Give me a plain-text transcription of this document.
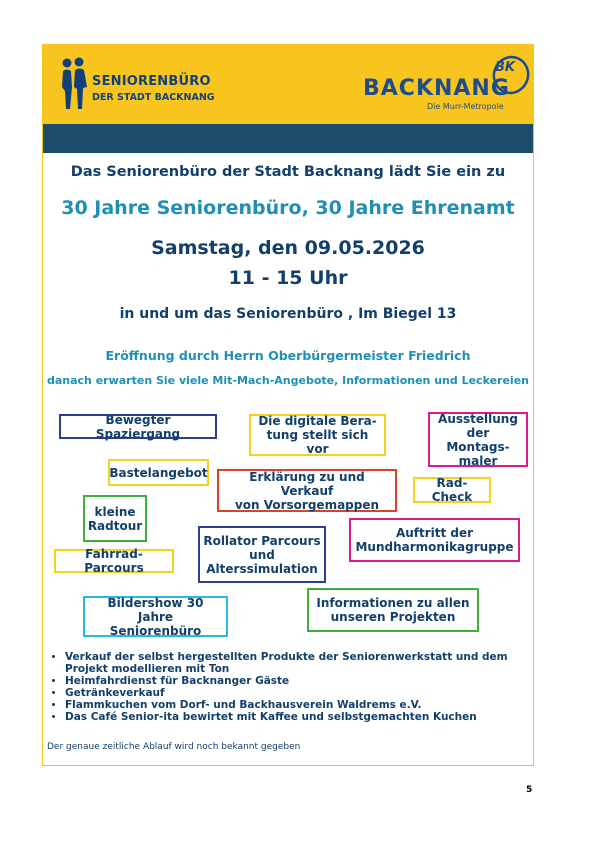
SENIORENBÜRO
DER STADT BACKNANG
BK
BACKNANG
Die Murr-Metropole
Das Seniorenbüro der Stadt Backnang lädt Sie ein zu
30 Jahre Seniorenbüro, 30 Jahre Ehrenamt
Samstag, den 09.05.2026
11 - 15 Uhr
in und um das Seniorenbüro , Im Biegel 13
Eröffnung durch Herrn Oberbürgermeister Friedrich
danach erwarten Sie viele Mit-Mach-Angebote, Informationen und Leckereien
Bewegter Spaziergang
Die digitale Bera-
tung stellt sich vor
Ausstellung
der Montags-
maler
Bastelangebot	Erklärung zu und Verkauf
von Vorsorgemappen
Rad-Check
kleine
Radtour
Rollator Parcours
und
Alterssimulation
Auftritt der
Mundharmonikagruppe
Fahrrad-Parcours
Bildershow 30 Jahre
Seniorenbüro
Informationen zu allen
unseren Projekten
• Verkauf der selbst hergestellten Produkte der Seniorenwerkstatt und dem Projekt modellieren mit Ton
• Heimfahrdienst für Backnanger Gäste
• Getränkeverkauf
• Flammkuchen vom Dorf- und Backhausverein Waldrems e.V.
• Das Café Senior-ita bewirtet mit Kaffee und selbstgemachten Kuchen
Der genaue zeitliche Ablauf wird noch bekannt gegeben
5
